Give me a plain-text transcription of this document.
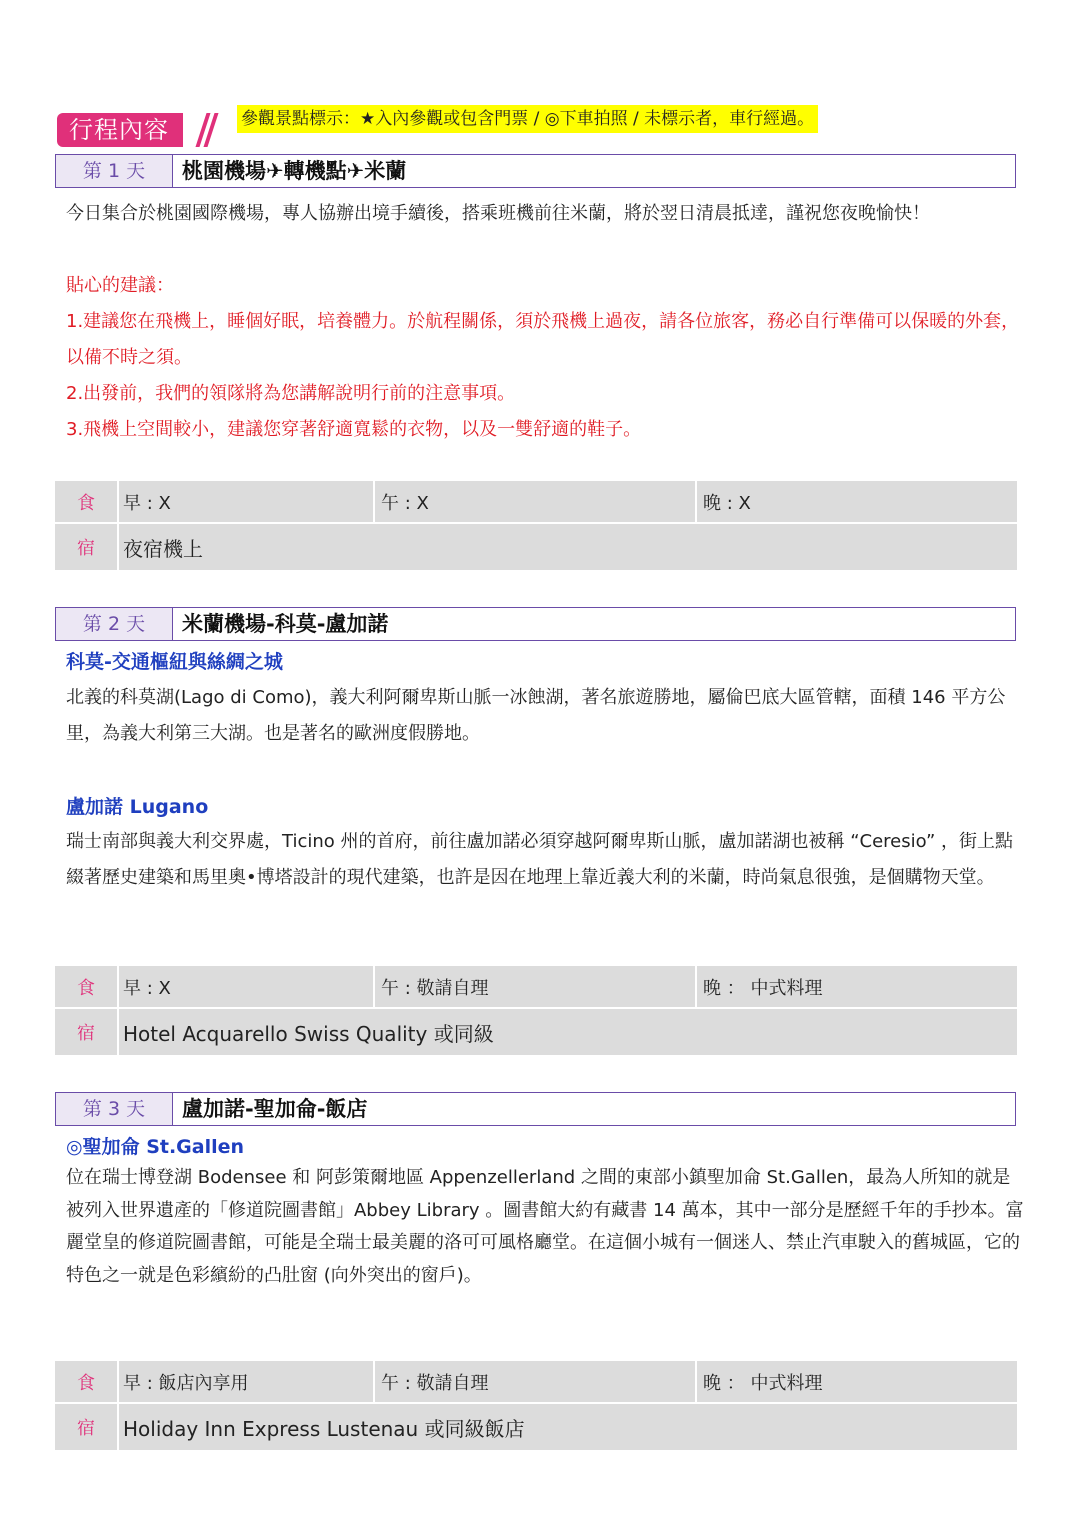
行程內容	參觀景點標示：★入內參觀或包含門票 / ◎下車拍照 / 未標示者，車行經過。
第 1 天	桃園機場✈轉機點✈米蘭
今日集合於桃園國際機場，專人協辦出境手續後，搭乘班機前往米蘭，將於翌日清晨抵達，謹祝您夜晚愉快！
貼心的建議：
1.建議您在飛機上，睡個好眠，培養體力。於航程關係，須於飛機上過夜，請各位旅客，務必自行準備可以保暖的外套，以備不時之須。
2.出發前，我們的領隊將為您講解說明行前的注意事項。
3.飛機上空間較小，建議您穿著舒適寬鬆的衣物，以及一雙舒適的鞋子。
食	早 : X	午 : X	晚 : X
宿	夜宿機上
第 2 天	米蘭機場-科莫-盧加諾
科莫-交通樞紐與絲綢之城
北義的科莫湖(Lago di Como)，義大利阿爾卑斯山脈一冰蝕湖，著名旅遊勝地，屬倫巴底大區管轄，面積 146 平方公里，為義大利第三大湖。也是著名的歐洲度假勝地。
盧加諾 Lugano
瑞士南部與義大利交界處，Ticino 州的首府，前往盧加諾必須穿越阿爾卑斯山脈，盧加諾湖也被稱 “Ceresio” ，街上點綴著歷史建築和馬里奧•博塔設計的現代建築，也許是因在地理上靠近義大利的米蘭，時尚氣息很強，是個購物天堂。
食	早 : X	午 : 敬請自理	晚 ： 中式料理
宿	Hotel Acquarello Swiss Quality 或同級
第 3 天	盧加諾-聖加侖-飯店
◎聖加侖 St.Gallen
位在瑞士博登湖 Bodensee 和 阿彭策爾地區 Appenzellerland 之間的東部小鎮聖加侖 St.Gallen，最為人所知的就是被列入世界遺產的「修道院圖書館」Abbey Library 。圖書館大約有藏書 14 萬本，其中一部分是歷經千年的手抄本。富麗堂皇的修道院圖書館，可能是全瑞士最美麗的洛可可風格廳堂。在這個小城有一個迷人、禁止汽車駛入的舊城區，它的特色之一就是色彩繽紛的凸肚窗 (向外突出的窗戶)。
食	早 : 飯店內享用	午 : 敬請自理	晚 ： 中式料理
宿	Holiday Inn Express Lustenau 或同級飯店
